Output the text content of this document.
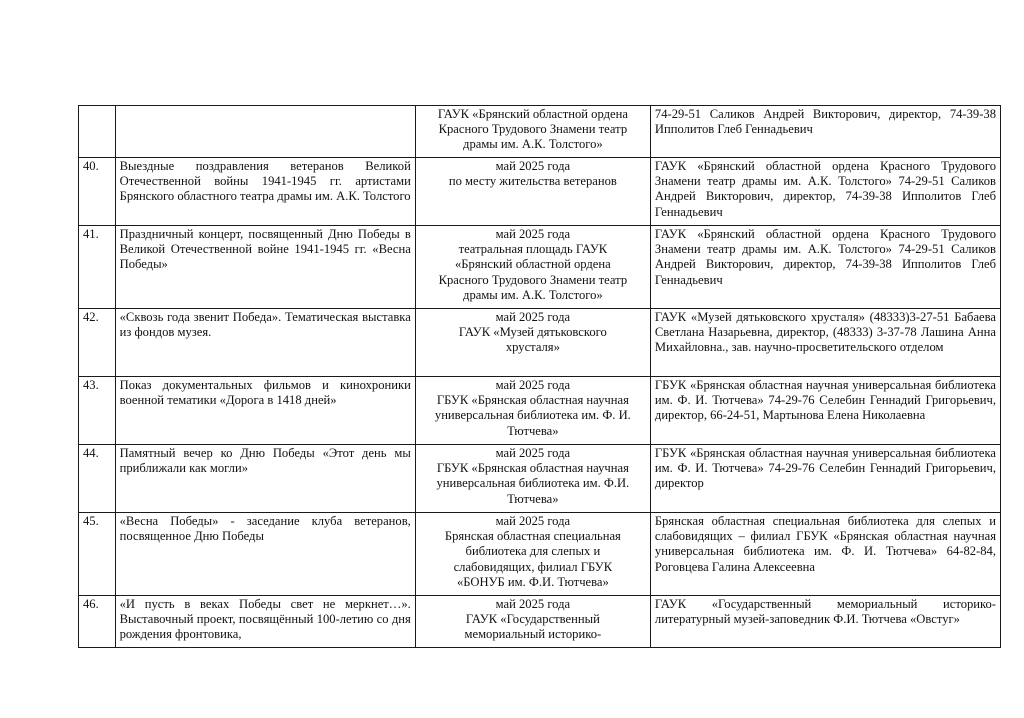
		ГАУК «Брянский областной ордена
Красного Трудового Знамени театр
драмы им. А.К. Толстого»	74-29-51 Саликов Андрей Викторович, директор, 74-39-38 Ипполитов Глеб Геннадьевич
40.	Выездные поздравления ветеранов Великой Отечественной войны 1941-1945 гг. артистами Брянского областного театра драмы им. А.К. Толстого	май 2025 года
по месту жительства ветеранов	ГАУК «Брянский областной ордена Красного Трудового Знамени театр драмы им. А.К. Толстого» 74-29-51 Саликов Андрей Викторович, директор, 74-39-38 Ипполитов Глеб Геннадьевич
41.	Праздничный концерт, посвященный Дню Победы в Великой Отечественной войне 1941-1945 гг. «Весна Победы»	май 2025 года
театральная площадь ГАУК
«Брянский областной ордена
Красного Трудового Знамени театр
драмы им. А.К. Толстого»	ГАУК «Брянский областной ордена Красного Трудового Знамени театр драмы им. А.К. Толстого» 74-29-51 Саликов Андрей Викторович, директор, 74-39-38 Ипполитов Глеб Геннадьевич
42.	«Сквозь года звенит Победа». Тематическая выставка из фондов музея.	май 2025 года
ГАУК «Музей дятьковского
хрусталя»	ГАУК «Музей дятьковского хрусталя» (48333)3-27-51 Бабаева Светлана Назарьевна, директор, (48333) 3-37-78 Лашина Анна Михайловна., зав. научно-просветительского отделом
43.	Показ документальных фильмов и кинохроники военной тематики «Дорога в 1418 дней»	май 2025 года
ГБУК «Брянская областная научная
универсальная библиотека им. Ф. И.
Тютчева»	ГБУК «Брянская областная научная универсальная библиотека им. Ф. И. Тютчева» 74-29-76 Селебин Геннадий Григорьевич, директор, 66-24-51, Мартынова Елена Николаевна
44.	Памятный вечер ко Дню Победы «Этот день мы приближали как могли»	май 2025 года
ГБУК «Брянская областная научная
универсальная библиотека им. Ф.И.
Тютчева»	ГБУК «Брянская областная научная универсальная библиотека им. Ф. И. Тютчева» 74-29-76 Селебин Геннадий Григорьевич, директор
45.	«Весна Победы» - заседание клуба ветеранов, посвященное Дню Победы	май 2025 года
Брянская областная специальная
библиотека для слепых и
слабовидящих, филиал ГБУК
«БОНУБ им. Ф.И. Тютчева»	Брянская областная специальная библиотека для слепых и слабовидящих – филиал ГБУК «Брянская областная научная универсальная библиотека им. Ф. И. Тютчева» 64-82-84, Роговцева Галина Алексеевна
46.	«И пусть в веках Победы свет не меркнет…». Выставочный проект, посвящённый 100-летию со дня рождения фронтовика,	май 2025 года
ГАУК «Государственный
мемориальный историко-	ГАУК «Государственный мемориальный историко-литературный музей-заповедник Ф.И. Тютчева «Овстуг»
